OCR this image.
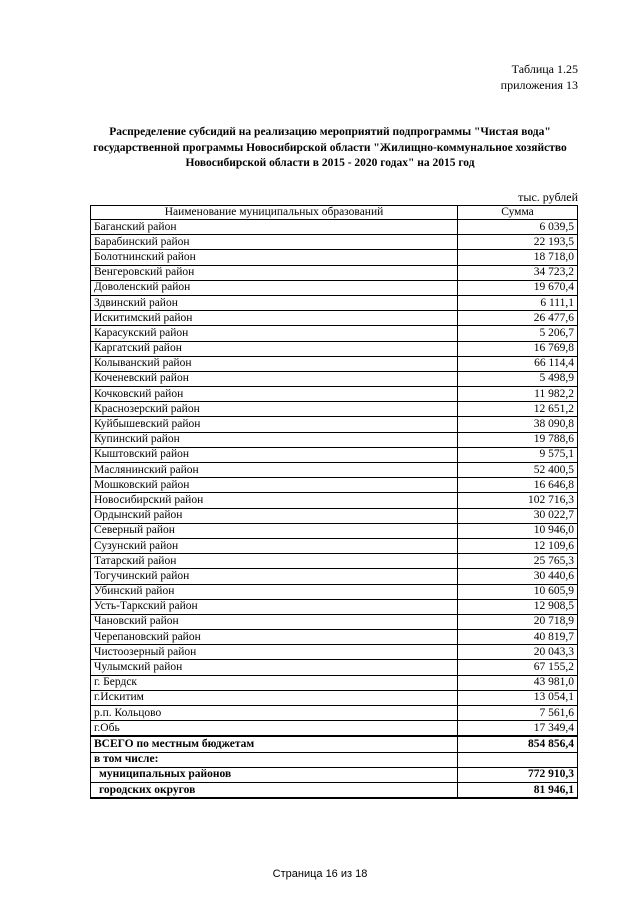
Таблица 1.25
приложения 13
Распределение субсидий на реализацию мероприятий подпрограммы "Чистая вода" государственной программы Новосибирской области "Жилищно-коммунальное хозяйство Новосибирской области в 2015 - 2020 годах" на 2015 год
тыс. рублей
Наименование муниципальных образований	Сумма
Баганский район	6 039,5
Барабинский район	22 193,5
Болотнинский район	18 718,0
Венгеровский район	34 723,2
Доволенский район	19 670,4
Здвинский район	6 111,1
Искитимский район	26 477,6
Карасукский район	5 206,7
Каргатский район	16 769,8
Колыванский район	66 114,4
Коченевский район	5 498,9
Кочковский район	11 982,2
Краснозерский район	12 651,2
Куйбышевский район	38 090,8
Купинский район	19 788,6
Кыштовский район	9 575,1
Маслянинский район	52 400,5
Мошковский район	16 646,8
Новосибирский район	102 716,3
Ордынский район	30 022,7
Северный район	10 946,0
Сузунский район	12 109,6
Татарский район	25 765,3
Тогучинский район	30 440,6
Убинский район	10 605,9
Усть-Таркский район	12 908,5
Чановский район	20 718,9
Черепановский район	40 819,7
Чистоозерный район	20 043,3
Чулымский район	67 155,2
г. Бердск	43 981,0
г.Искитим	13 054,1
р.п. Кольцово	7 561,6
г.Обь	17 349,4
ВСЕГО по местным бюджетам	854 856,4
в том числе:	
муниципальных районов	772 910,3
городских округов	81 946,1
Страница 16 из 18
